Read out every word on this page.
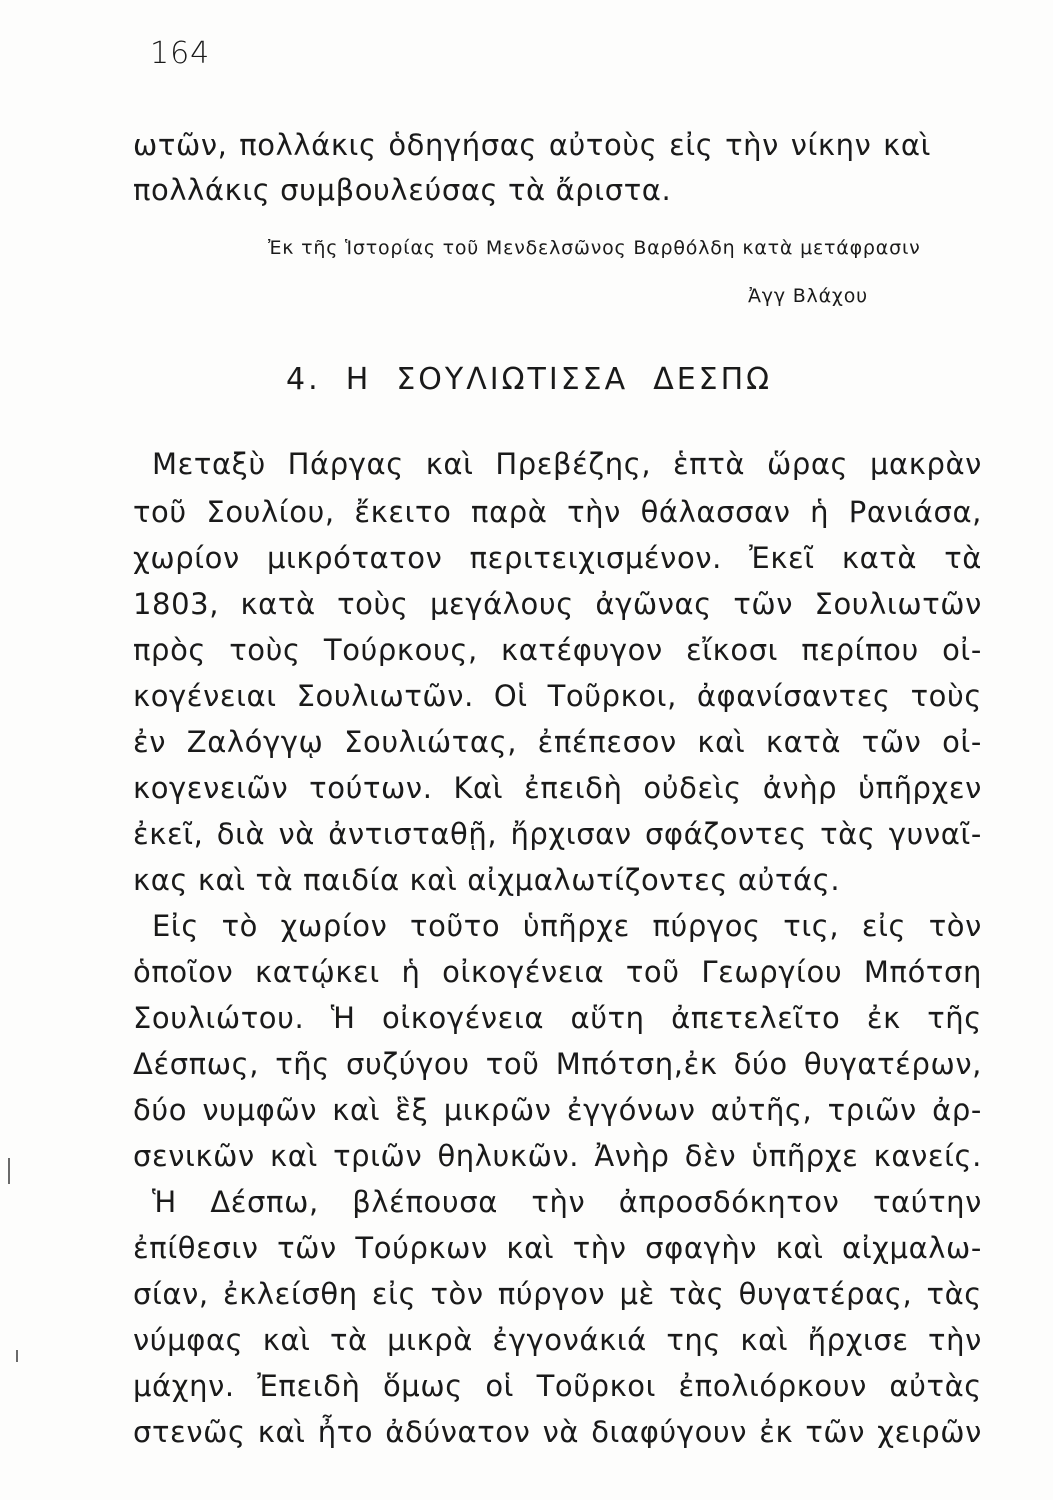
164
ωτῶν, πολλάκις ὁδηγήσας αὐτοὺς εἰς τὴν νίκην καὶ
πολλάκις συμβουλεύσας τὰ ἄριστα.
Ἐκ τῆς Ἱστορίας τοῦ Μενδελσῶνος Βαρθόλδη κατὰ μετάφρασιν
Ἀγγ Βλάχου
4.  Η  ΣΟΥΛΙΩΤΙΣΣΑ  ΔΕΣΠΩ
Μεταξὺ Πάργας καὶ Πρεβέζης, ἑπτὰ ὥρας μακρὰν
τοῦ Σουλίου, ἔκειτο παρὰ τὴν θάλασσαν ἡ Ρανιάσα,
χωρίον μικρότατον περιτειχισμένον. Ἐκεῖ κατὰ τὰ
1803, κατὰ τοὺς μεγάλους ἀγῶνας τῶν Σουλιωτῶν
πρὸς τοὺς Τούρκους, κατέφυγον εἴκοσι περίπου οἰ-
κογένειαι Σουλιωτῶν. Οἱ Τοῦρκοι, ἀφανίσαντες τοὺς
ἐν Ζαλόγγῳ Σουλιώτας, ἐπέπεσον καὶ κατὰ τῶν οἰ-
κογενειῶν τούτων. Καὶ ἐπειδὴ οὐδεὶς ἀνὴρ ὑπῆρχεν
ἐκεῖ, διὰ νὰ ἀντισταθῇ, ἤρχισαν σφάζοντες τὰς γυναῖ-
κας καὶ τὰ παιδία καὶ αἰχμαλωτίζοντες αὐτάς.
Εἰς τὸ χωρίον τοῦτο ὑπῆρχε πύργος τις, εἰς τὸν
ὁποῖον κατῴκει ἡ οἰκογένεια τοῦ Γεωργίου Μπότση
Σουλιώτου. Ἡ οἰκογένεια αὕτη ἀπετελεῖτο ἐκ τῆς
Δέσπως, τῆς συζύγου τοῦ Μπότση,ἐκ δύο θυγατέρων,
δύο νυμφῶν καὶ ἓξ μικρῶν ἐγγόνων αὐτῆς, τριῶν ἀρ-
σενικῶν καὶ τριῶν θηλυκῶν. Ἀνὴρ δὲν ὑπῆρχε κανείς.
Ἡ Δέσπω, βλέπουσα τὴν ἀπροσδόκητον ταύτην
ἐπίθεσιν τῶν Τούρκων καὶ τὴν σφαγὴν καὶ αἰχμαλω-
σίαν, ἐκλείσθη εἰς τὸν πύργον μὲ τὰς θυγατέρας, τὰς
νύμφας καὶ τὰ μικρὰ ἐγγονάκιά της καὶ ἤρχισε τὴν
μάχην. Ἐπειδὴ ὅμως οἱ Τοῦρκοι ἐπολιόρκουν αὐτὰς
στενῶς καὶ ἦτο ἀδύνατον νὰ διαφύγουν ἐκ τῶν χειρῶν
